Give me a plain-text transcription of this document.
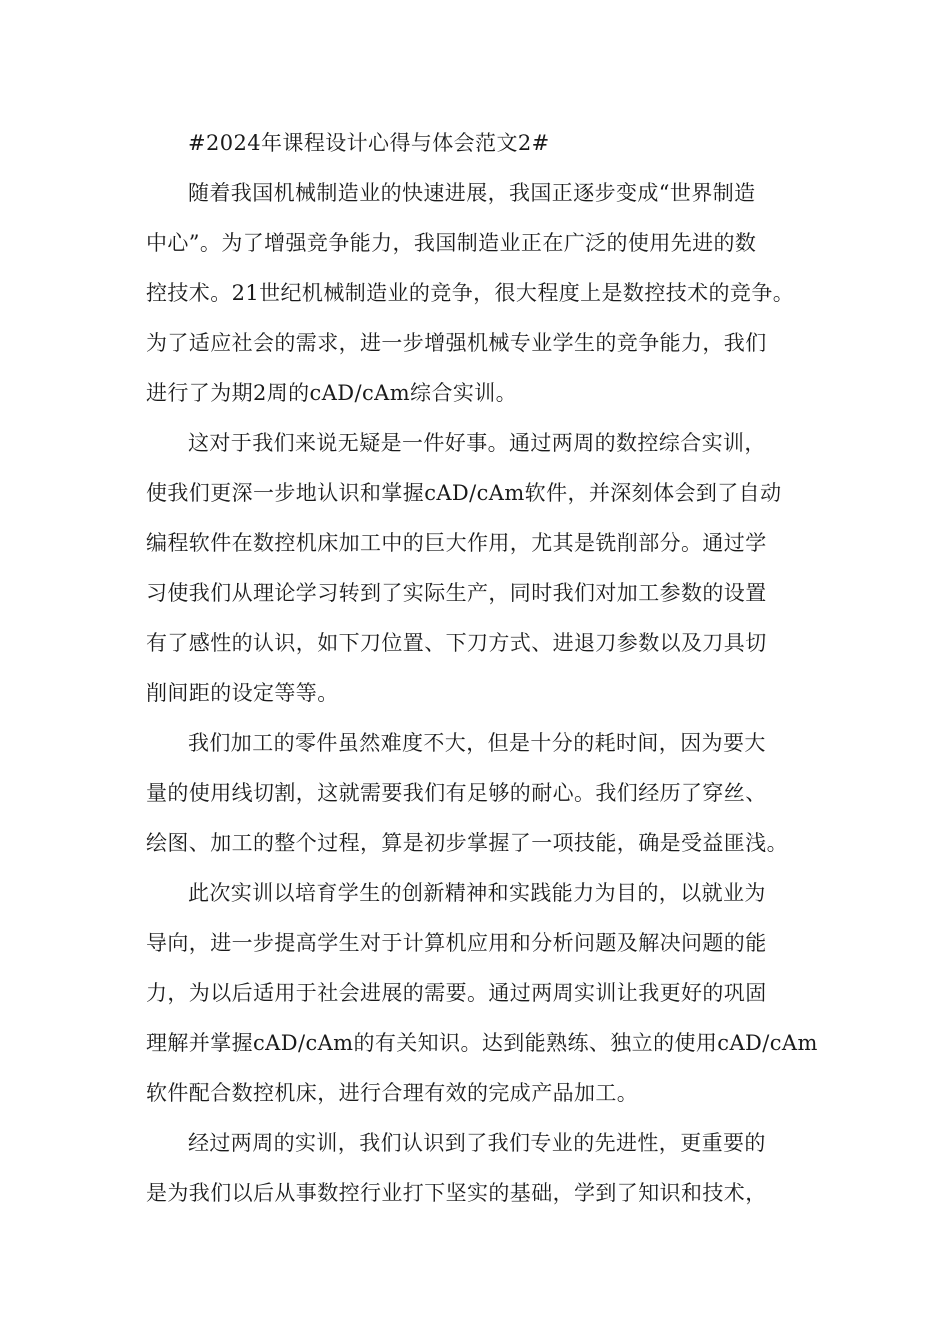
#2024年课程设计心得与体会范文2#
随着我国机械制造业的快速进展，我国正逐步变成“世界制造
中心”。为了增强竞争能力，我国制造业正在广泛的使用先进的数
控技术。21世纪机械制造业的竞争，很大程度上是数控技术的竞争。
为了适应社会的需求，进一步增强机械专业学生的竞争能力，我们
进行了为期2周的cAD/cAm综合实训。
这对于我们来说无疑是一件好事。通过两周的数控综合实训，
使我们更深一步地认识和掌握cAD/cAm软件，并深刻体会到了自动
编程软件在数控机床加工中的巨大作用，尤其是铣削部分。通过学
习使我们从理论学习转到了实际生产，同时我们对加工参数的设置
有了感性的认识，如下刀位置、下刀方式、进退刀参数以及刀具切
削间距的设定等等。
我们加工的零件虽然难度不大，但是十分的耗时间，因为要大
量的使用线切割，这就需要我们有足够的耐心。我们经历了穿丝、
绘图、加工的整个过程，算是初步掌握了一项技能，确是受益匪浅。
此次实训以培育学生的创新精神和实践能力为目的，以就业为
导向，进一步提高学生对于计算机应用和分析问题及解决问题的能
力，为以后适用于社会进展的需要。通过两周实训让我更好的巩固
理解并掌握cAD/cAm的有关知识。达到能熟练、独立的使用cAD/cAm
软件配合数控机床，进行合理有效的完成产品加工。
经过两周的实训，我们认识到了我们专业的先进性，更重要的
是为我们以后从事数控行业打下坚实的基础，学到了知识和技术，
